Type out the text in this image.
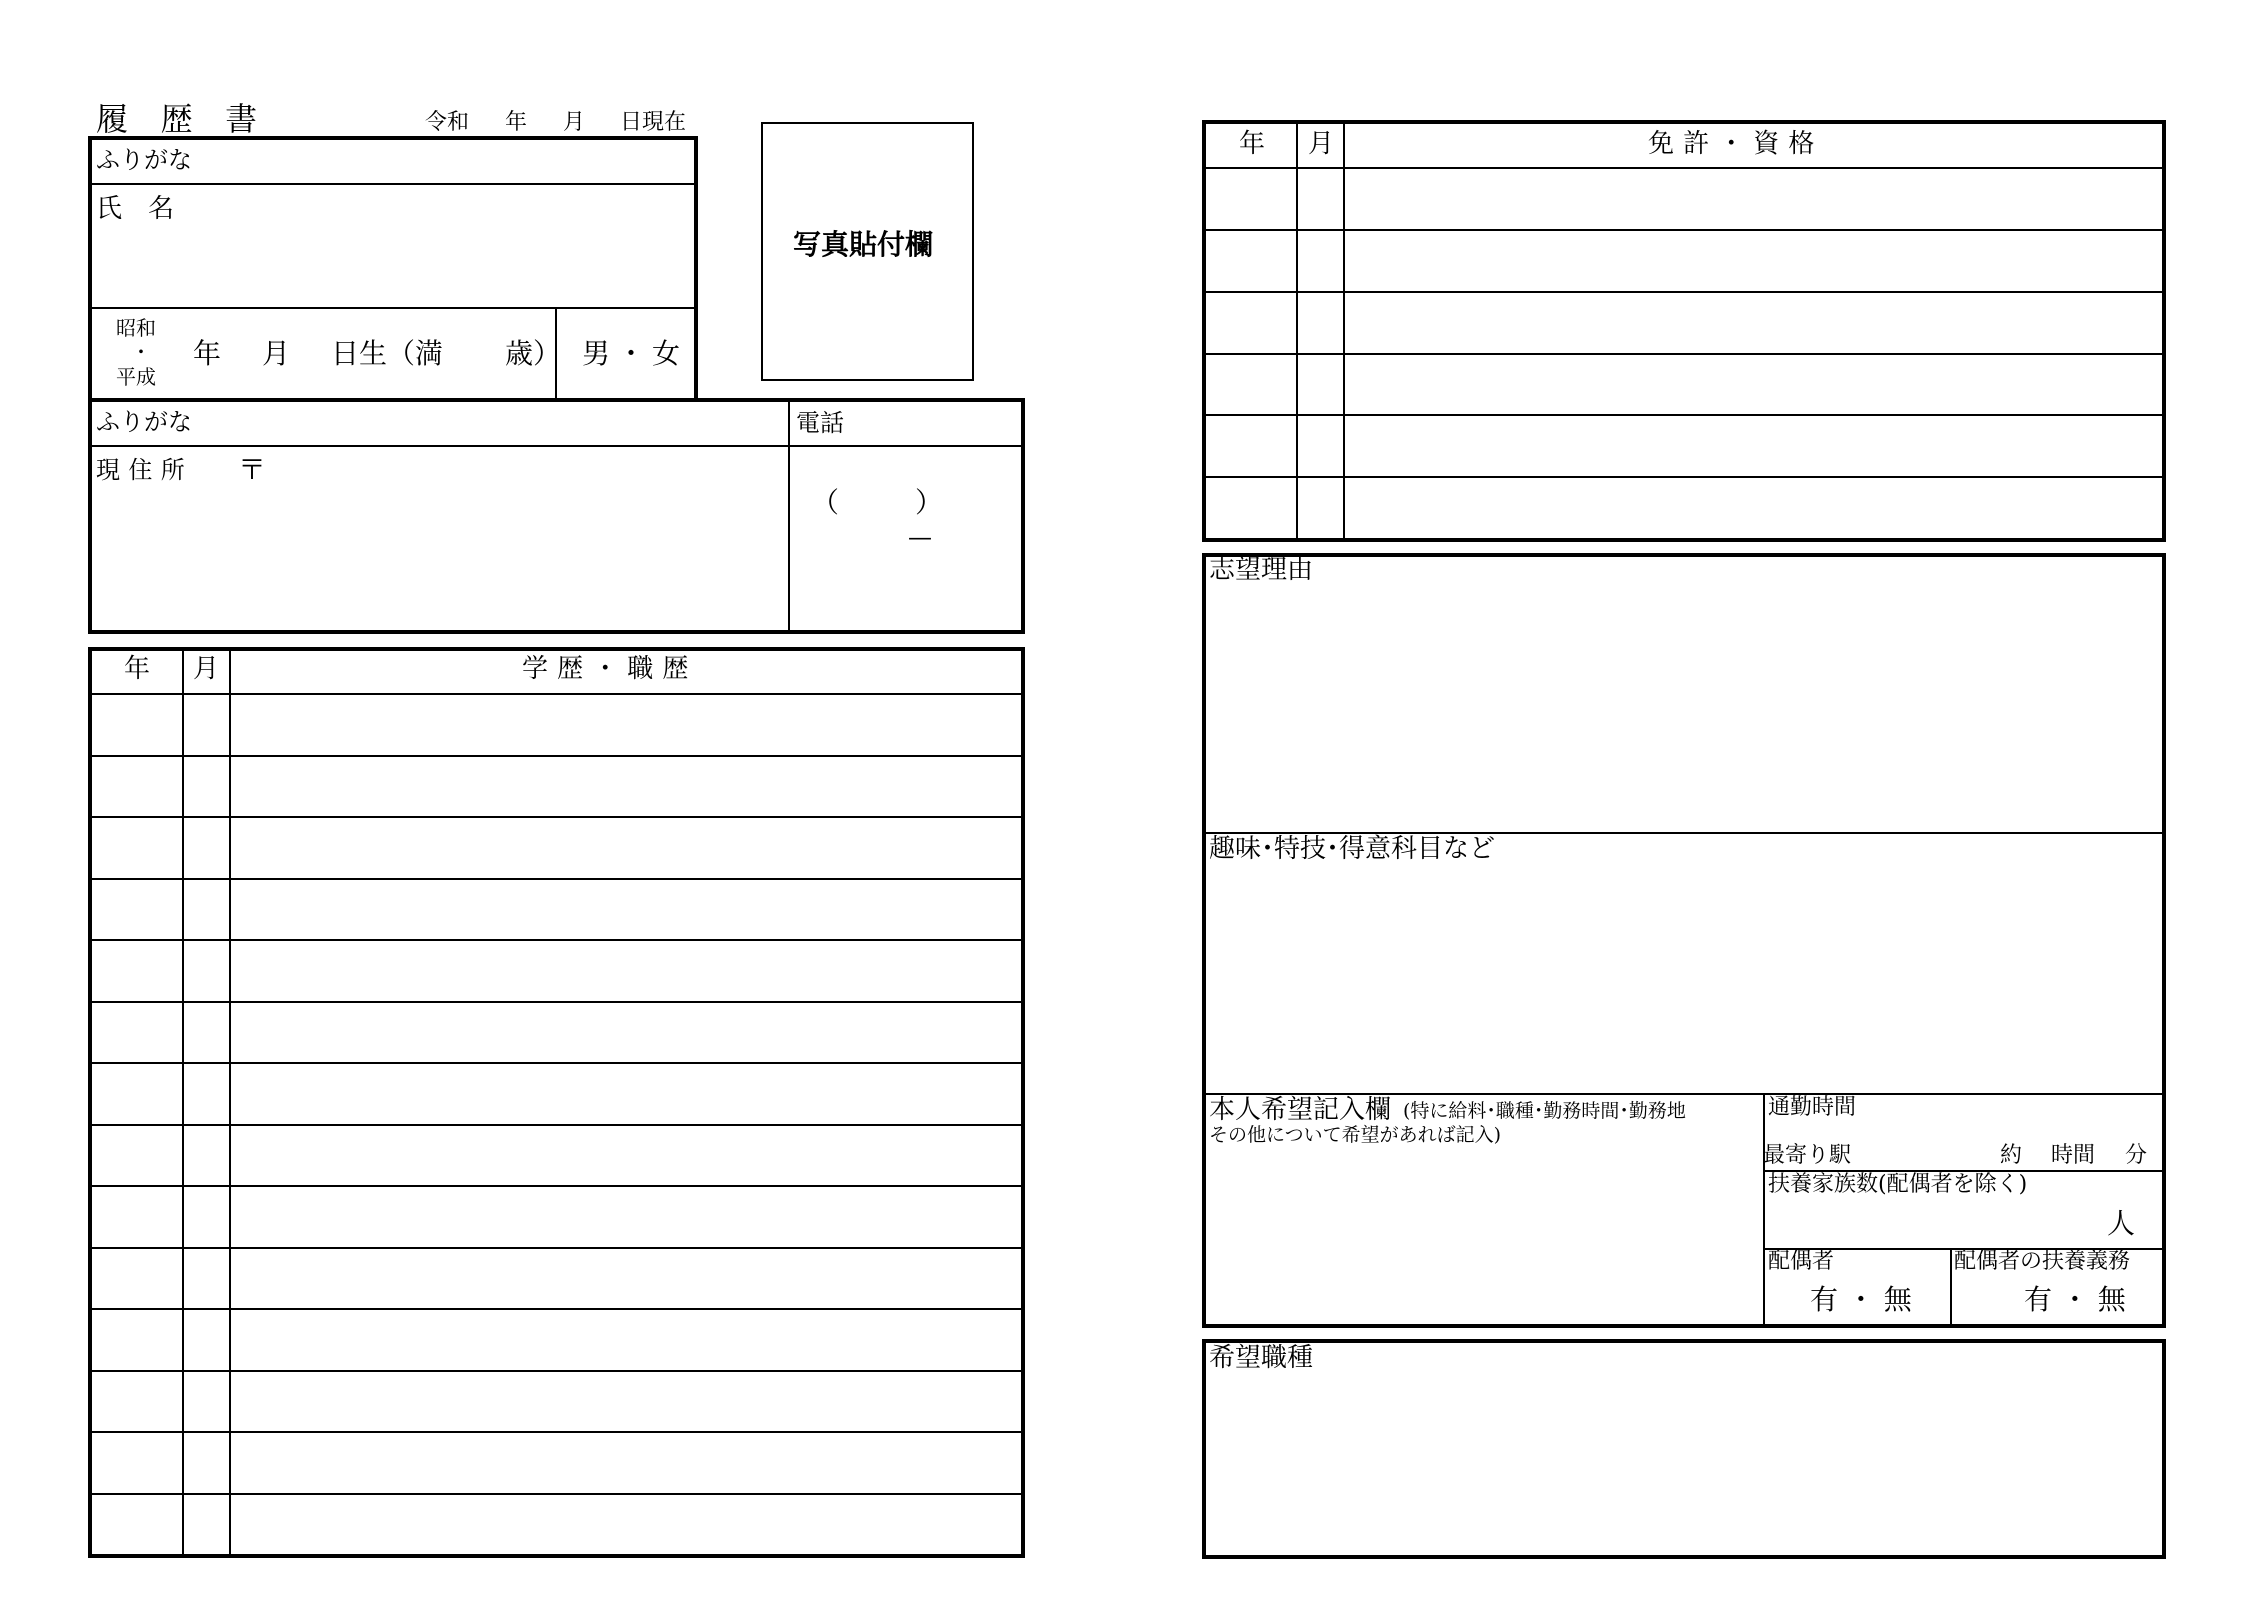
履 歴 書	令和 年 月 日現在
ふりがな
氏　名
昭和
・
平成
年 月 日生（満 歳） 男・女
写真貼付欄
ふりがな
現住所 〒
電話
（	）
—
年 月	学歴・職歴
年 月	免許・資格
志望理由
趣味･特技･得意科目など
本人希望記入欄 (特に給料･職種･勤務時間･勤務地
その他について希望があれば記入)
通勤時間
最寄り駅	約 時間 分
扶養家族数(配偶者を除く)
人
配偶者
有 ・ 無
配偶者の扶養義務
有 ・ 無
希望職種
